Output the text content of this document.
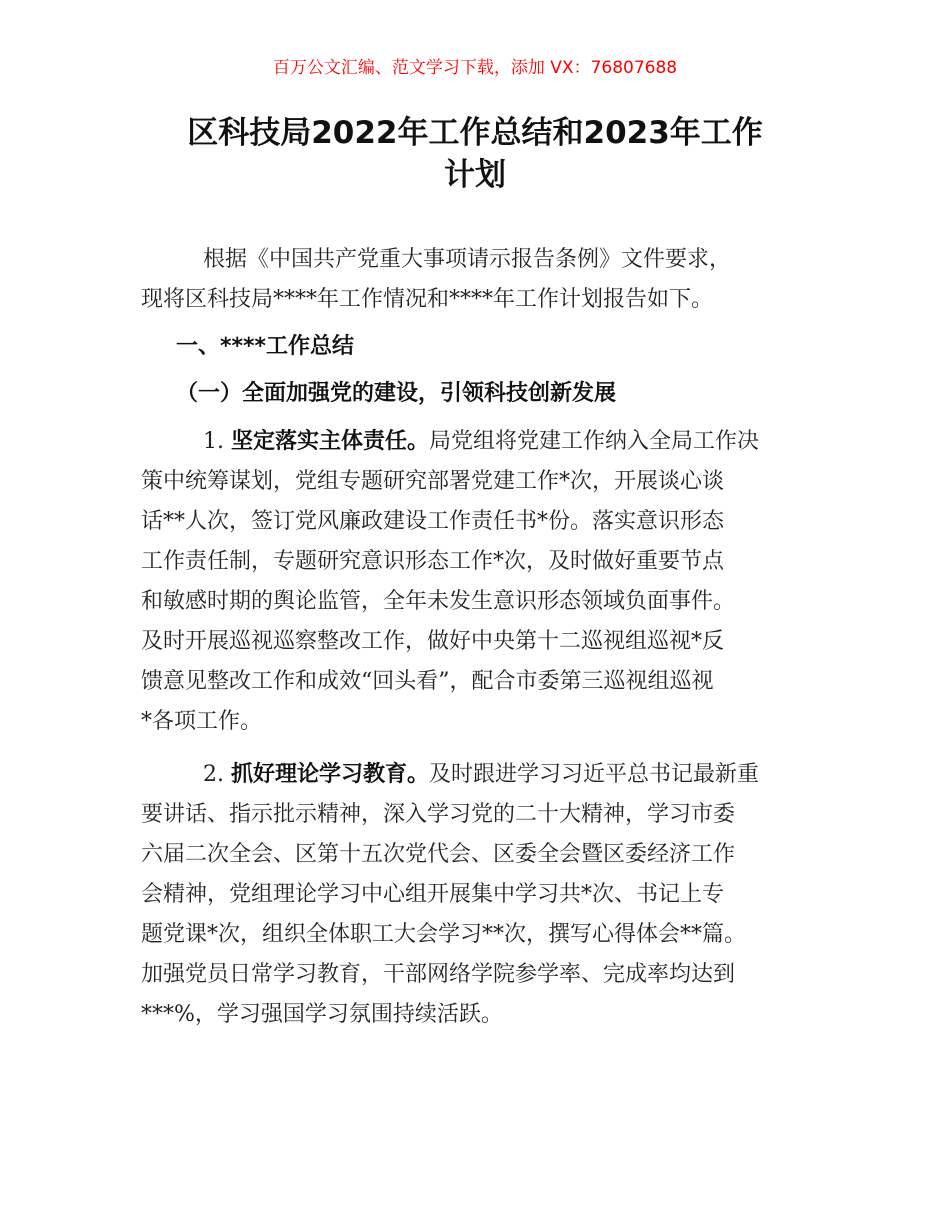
百万公文汇编、范文学习下载，添加 VX：76807688
区科技局2022年工作总结和2023年工作
计划
根据《中国共产党重大事项请示报告条例》文件要求，
现将区科技局****年工作情况和****年工作计划报告如下。
一、****工作总结
（一）全面加强党的建设，引领科技创新发展
1. 坚定落实主体责任。局党组将党建工作纳入全局工作决
策中统筹谋划，党组专题研究部署党建工作*次，开展谈心谈
话**人次，签订党风廉政建设工作责任书*份。落实意识形态
工作责任制，专题研究意识形态工作*次，及时做好重要节点
和敏感时期的舆论监管，全年未发生意识形态领域负面事件。
及时开展巡视巡察整改工作，做好中央第十二巡视组巡视*反
馈意见整改工作和成效“回头看”，配合市委第三巡视组巡视
*各项工作。
2. 抓好理论学习教育。及时跟进学习习近平总书记最新重
要讲话、指示批示精神，深入学习党的二十大精神，学习市委
六届二次全会、区第十五次党代会、区委全会暨区委经济工作
会精神，党组理论学习中心组开展集中学习共*次、书记上专
题党课*次，组织全体职工大会学习**次，撰写心得体会**篇。
加强党员日常学习教育，干部网络学院参学率、完成率均达到
***%，学习强国学习氛围持续活跃。
